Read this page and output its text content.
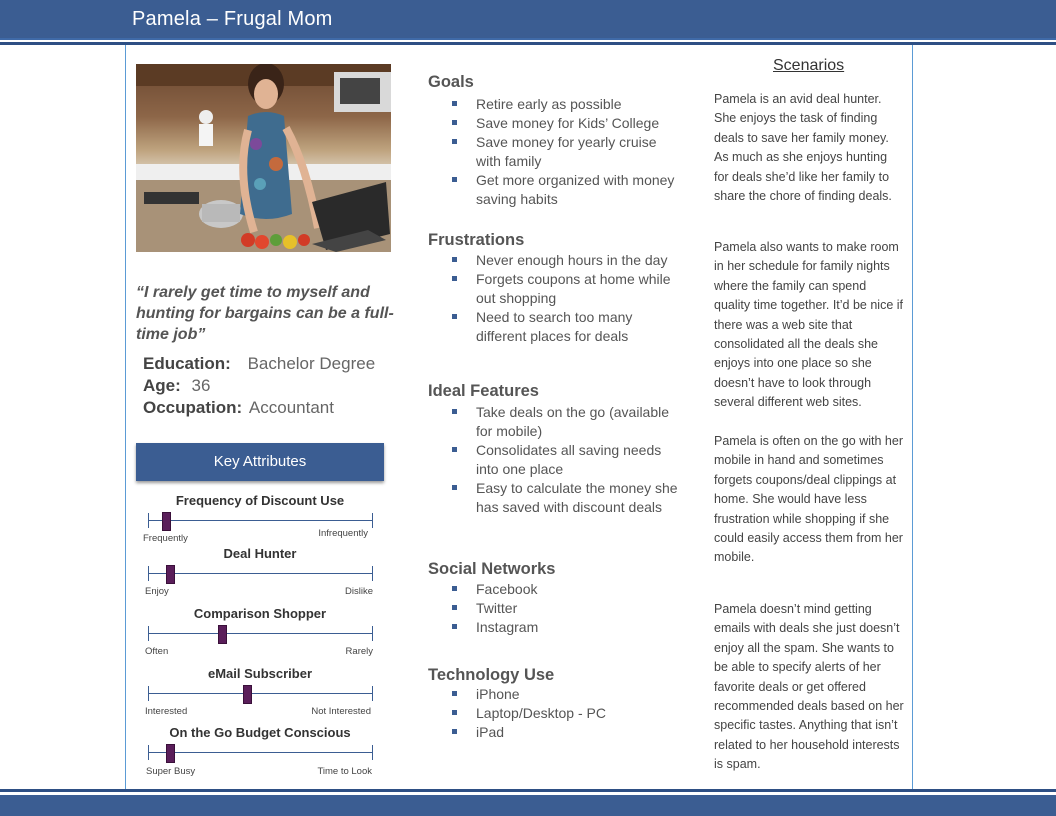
Pamela – Frugal Mom
“I rarely get time to myself and hunting for bargains can be a full-time job”
Education: Bachelor Degree
Age: 36
Occupation: Accountant
Key Attributes
Frequency of Discount Use
Frequently	Infrequently
Deal Hunter
Enjoy	Dislike
Comparison Shopper
Often	Rarely
eMail Subscriber
Interested	Not Interested
On the Go Budget Conscious
Super Busy	Time to Look
Goals
Retire early as possible
Save money for Kids’ College
Save money for yearly cruise with family
Get more organized with money saving habits
Frustrations
Never enough hours in the day
Forgets coupons at home while out shopping
Need to search too many different places for deals
Ideal Features
Take deals on the go (available for mobile)
Consolidates all saving needs into one place
Easy to calculate the money she has saved with discount deals
Social Networks
Facebook
Twitter
Instagram
Technology Use
iPhone
Laptop/Desktop - PC
iPad
Scenarios
Pamela is an avid deal hunter. She enjoys the task of finding deals to save her family money. As much as she enjoys hunting for deals she’d like her family to share the chore of finding deals.
Pamela also wants to make room in her schedule for family nights where the family can spend quality time together. It’d be nice if there was a web site that consolidated all the deals she enjoys into one place so she doesn’t have to look through several different web sites.
Pamela is often on the go with her mobile in hand and sometimes forgets coupons/deal clippings at home. She would have less frustration while shopping if she could easily access them from her mobile.
Pamela doesn’t mind getting emails with deals she just doesn’t enjoy all the spam. She wants to be able to specify alerts of her favorite deals or get offered recommended deals based on her specific tastes. Anything that isn’t related to her household interests is spam.
